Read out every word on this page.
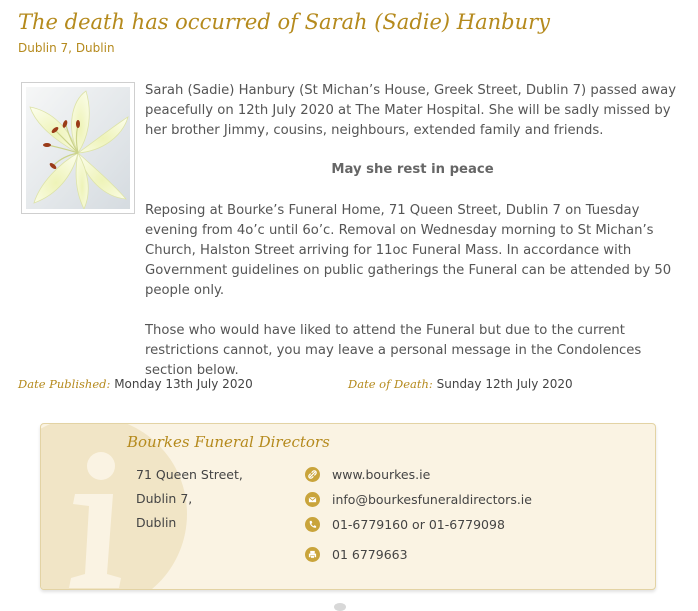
The death has occurred of Sarah (Sadie) Hanbury
Dublin 7, Dublin

Sarah (Sadie) Hanbury (St Michan’s House, Greek Street, Dublin 7) passed away peacefully on 12th July 2020 at The Mater Hospital. She will be sadly missed by her brother Jimmy, cousins, neighbours, extended family and friends.

May she rest in peace

Reposing at Bourke’s Funeral Home, 71 Queen Street, Dublin 7 on Tuesday evening from 4o’c until 6o’c. Removal on Wednesday morning to St Michan’s Church, Halston Street arriving for 11oc Funeral Mass. In accordance with Government guidelines on public gatherings the Funeral can be attended by 50 people only.

Those who would have liked to attend the Funeral but due to the current restrictions cannot, you may leave a personal message in the Condolences section below.

Date Published: Monday 13th July 2020	Date of Death: Sunday 12th July 2020
Bourkes Funeral Directors
71 Queen Street,
Dublin 7,
Dublin
www.bourkes.ie
info@bourkesfuneraldirectors.ie
01-6779160 or 01-6779098
01 6779663
